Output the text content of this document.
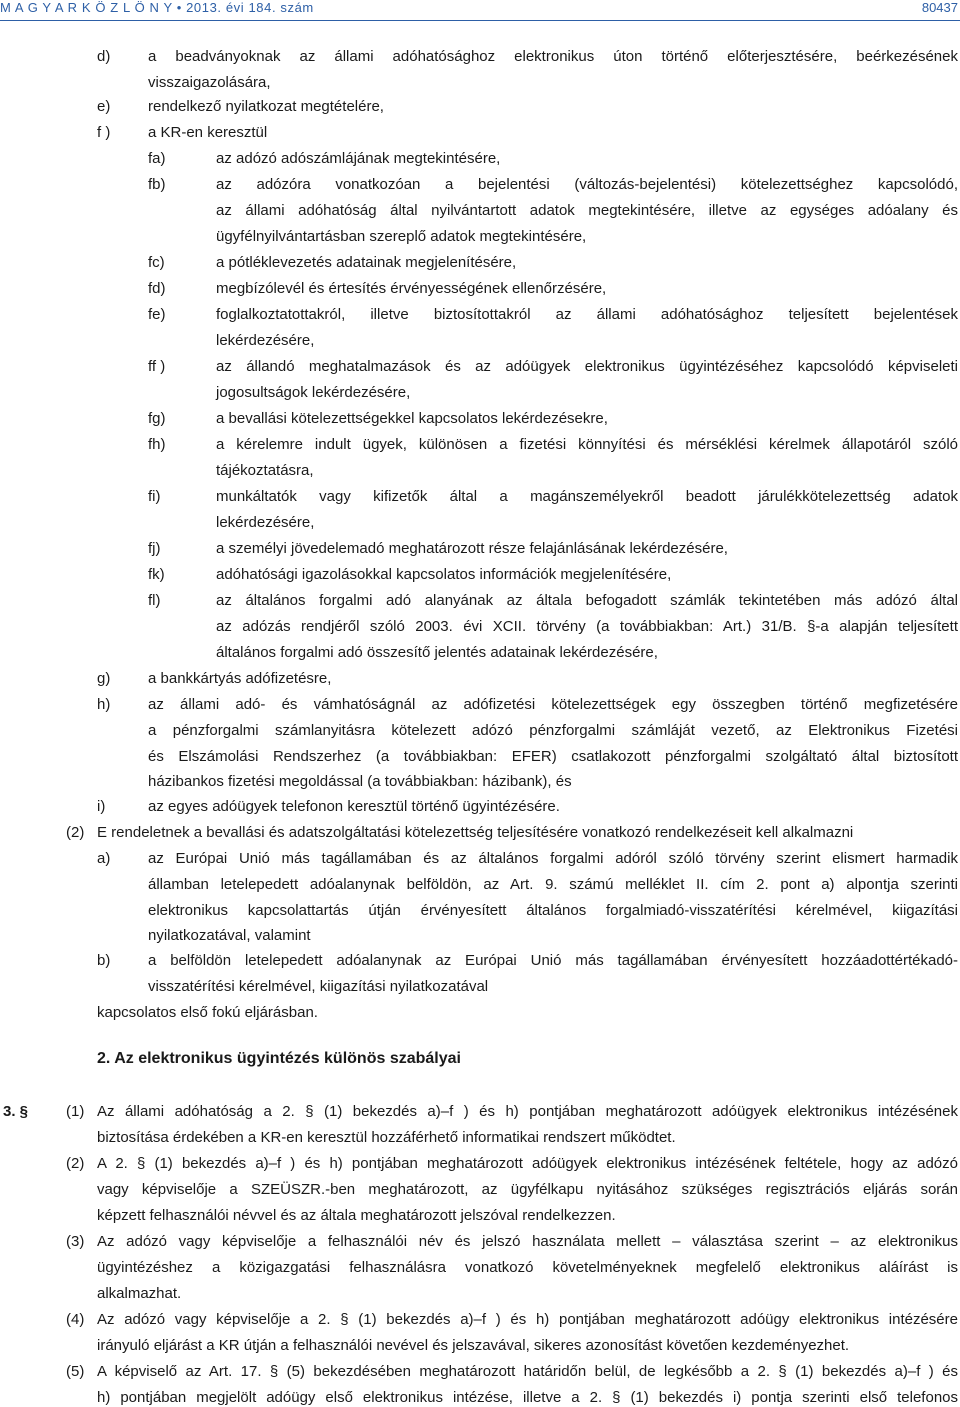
M A G Y A R K Ö Z L Ö N Y • 2013. évi 184. szám	80437
d)	a beadványoknak az állami adóhatósághoz elektronikus úton történő előterjesztésére, beérkezésének
visszaigazolására,
e)	rendelkező nyilatkozat megtételére,
f )	a KR-en keresztül
fa)	az adózó adószámlájának megtekintésére,
fb)	az adózóra vonatkozóan a bejelentési (változás-bejelentési) kötelezettséghez kapcsolódó,
az állami adóhatóság által nyilvántartott adatok megtekintésére, illetve az egységes adóalany és
ügyfélnyilvántartásban szereplő adatok megtekintésére,
fc)	a pótléklevezetés adatainak megjelenítésére,
fd)	megbízólevél és értesítés érvényességének ellenőrzésére,
fe)	foglalkoztatottakról, illetve biztosítottakról az állami adóhatósághoz teljesített bejelentések
lekérdezésére,
ff )	az állandó meghatalmazások és az adóügyek elektronikus ügyintézéséhez kapcsolódó képviseleti
jogosultságok lekérdezésére,
fg)	a bevallási kötelezettségekkel kapcsolatos lekérdezésekre,
fh)	a kérelemre indult ügyek, különösen a fizetési könnyítési és mérséklési kérelmek állapotáról szóló
tájékoztatásra,
fi)	munkáltatók vagy kifizetők által a magánszemélyekről beadott járulékkötelezettség adatok
lekérdezésére,
fj)	a személyi jövedelemadó meghatározott része felajánlásának lekérdezésére,
fk)	adóhatósági igazolásokkal kapcsolatos információk megjelenítésére,
fl)	az általános forgalmi adó alanyának az általa befogadott számlák tekintetében más adózó által
az adózás rendjéről szóló 2003. évi XCII. törvény (a továbbiakban: Art.) 31/B. §-a alapján teljesített
általános forgalmi adó összesítő jelentés adatainak lekérdezésére,
g)	a bankkártyás adófizetésre,
h)	az állami adó- és vámhatóságnál az adófizetési kötelezettségek egy összegben történő megfizetésére
a pénzforgalmi számlanyitásra kötelezett adózó pénzforgalmi számláját vezető, az Elektronikus Fizetési
és Elszámolási Rendszerhez (a továbbiakban: EFER) csatlakozott pénzforgalmi szolgáltató által biztosított
házibankos fizetési megoldással (a továbbiakban: házibank), és
i)	az egyes adóügyek telefonon keresztül történő ügyintézésére.
(2) E rendeletnek a bevallási és adatszolgáltatási kötelezettség teljesítésére vonatkozó rendelkezéseit kell alkalmazni
a)	az Európai Unió más tagállamában és az általános forgalmi adóról szóló törvény szerint elismert harmadik
államban letelepedett adóalanynak belföldön, az Art. 9. számú melléklet II. cím 2. pont a) alpontja szerinti
elektronikus kapcsolattartás útján érvényesített általános forgalmiadó-visszatérítési kérelmével, kiigazítási
nyilatkozatával, valamint
b)	a belföldön letelepedett adóalanynak az Európai Unió más tagállamában érvényesített hozzáadottértékadó-
visszatérítési kérelmével, kiigazítási nyilatkozatával
kapcsolatos első fokú eljárásban.
2. Az elektronikus ügyintézés különös szabályai
3. §	(1) Az állami adóhatóság a 2. § (1) bekezdés a)–f ) és h) pontjában meghatározott adóügyek elektronikus intézésének
biztosítása érdekében a KR-en keresztül hozzáférhető informatikai rendszert működtet.
(2) A 2. § (1) bekezdés a)–f ) és h) pontjában meghatározott adóügyek elektronikus intézésének feltétele, hogy az adózó
vagy képviselője a SZEÜSZR.-ben meghatározott, az ügyfélkapu nyitásához szükséges regisztrációs eljárás során
képzett felhasználói névvel és az általa meghatározott jelszóval rendelkezzen.
(3) Az adózó vagy képviselője a felhasználói név és jelszó használata mellett – választása szerint – az elektronikus
ügyintézéshez a közigazgatási felhasználásra vonatkozó követelményeknek megfelelő elektronikus aláírást is
alkalmazhat.
(4) Az adózó vagy képviselője a 2. § (1) bekezdés a)–f ) és h) pontjában meghatározott adóügy elektronikus intézésére
irányuló eljárást a KR útján a felhasználói nevével és jelszavával, sikeres azonosítást követően kezdeményezhet.
(5) A képviselő az Art. 17. § (5) bekezdésében meghatározott határidőn belül, de legkésőbb a 2. § (1) bekezdés a)–f ) és
h) pontjában megjelölt adóügy első elektronikus intézése, illetve a 2. § (1) bekezdés i) pontja szerinti első telefonos
